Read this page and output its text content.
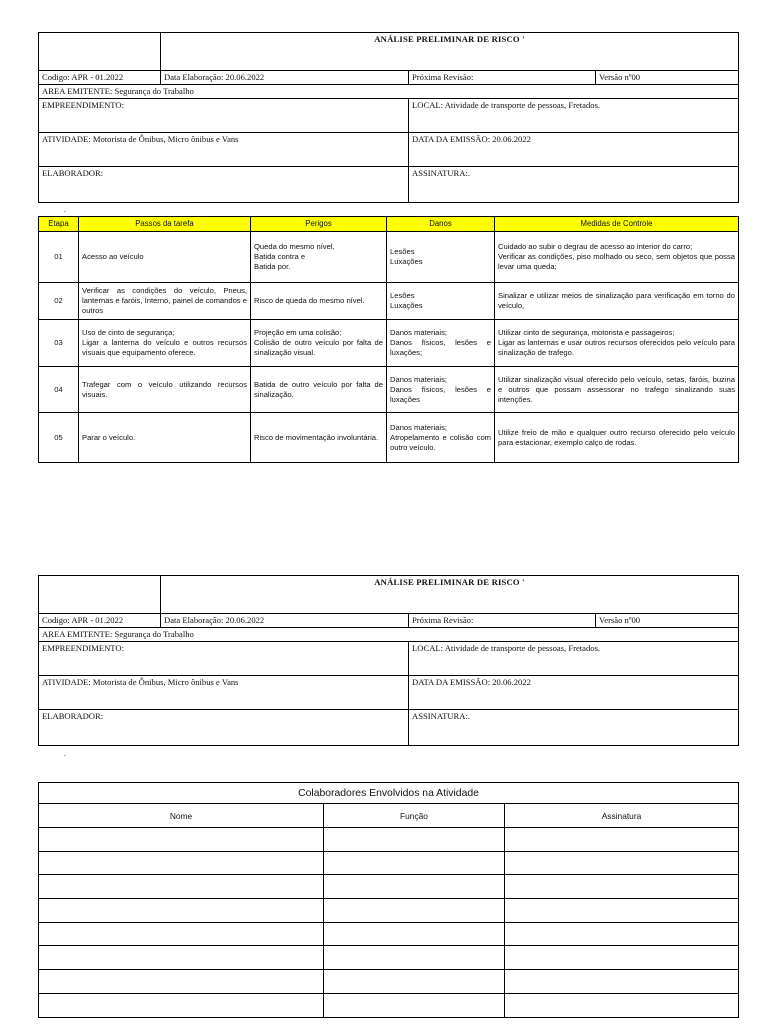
	ANÁLISE PRELIMINAR DE RISCO '		
Codigo: APR - 01.2022	Data Elaboração: 20.06.2022	Próxima Revisão:	Versão nº00
AREA EMITENTE: Segurança do Trabalho			
EMPREENDIMENTO:		LOCAL: Atividade de transporte de pessoas, Fretados.	
ATIVIDADE: Motorista de Ônibus, Micro ônibus e Vans		DATA DA EMISSÃO: 20.06.2022	
ELABORADOR:		ASSINATURA:.	
.
Etapa	Passos da tarefa	Perigos	Danos	Medidas de Controle
01	Acesso ao veículo	Queda do mesmo nível,
Batida contra e
Batida por.	Lesões
Luxações	Cuidado ao subir o degrau de acesso ao interior do carro;
Verificar as condições, piso molhado ou seco, sem objetos que possa levar uma queda;
02	Verificar as condições do veículo, Pneus, lanternas e faróis, Interno, painel de comandos e outros	Risco de queda do mesmo nível.	Lesões
Luxações	Sinalizar e utilizar meios de sinalização para verificação em torno do veículo,
03	Uso de cinto de segurança;
Ligar a lanterna do veículo e outros recursos visuais que equipamento oferece.	Projeção em uma colisão;
Colisão de outro veículo por falta de sinalização visual.	Danos materiais;
Danos físicos, lesões e luxações;	Utilizar cinto de segurança, motorista e passageiros;
Ligar as lanternas e usar outros recursos oferecidos pelo veículo para sinalização de trafego.
04	Trafegar com o veículo utilizando recursos visuais.	Batida de outro veículo por falta de sinalização.	Danos materiais;
Danos físicos, lesões e luxações	Utilizar sinalização visual oferecido pelo veículo, setas, faróis, buzina e outros que possam assessorar no trafego sinalizando suas intenções.
05	Parar o veículo.	Risco de movimentação involuntária.	Danos materiais;
Atropelamento e colisão com outro veículo.	Utilize freio de mão e qualquer outro recurso oferecido pelo veículo para estacionar, exemplo calço de rodas.
	ANÁLISE PRELIMINAR DE RISCO '		
Codigo: APR - 01.2022	Data Elaboração: 20.06.2022	Próxima Revisão:	Versão nº00
AREA EMITENTE: Segurança do Trabalho			
EMPREENDIMENTO:		LOCAL: Atividade de transporte de pessoas, Fretados.	
ATIVIDADE: Motorista de Ônibus, Micro ônibus e Vans		DATA DA EMISSÃO: 20.06.2022	
ELABORADOR:		ASSINATURA:.	
.
Colaboradores Envolvidos na Atividade		
Nome	Função	Assinatura
